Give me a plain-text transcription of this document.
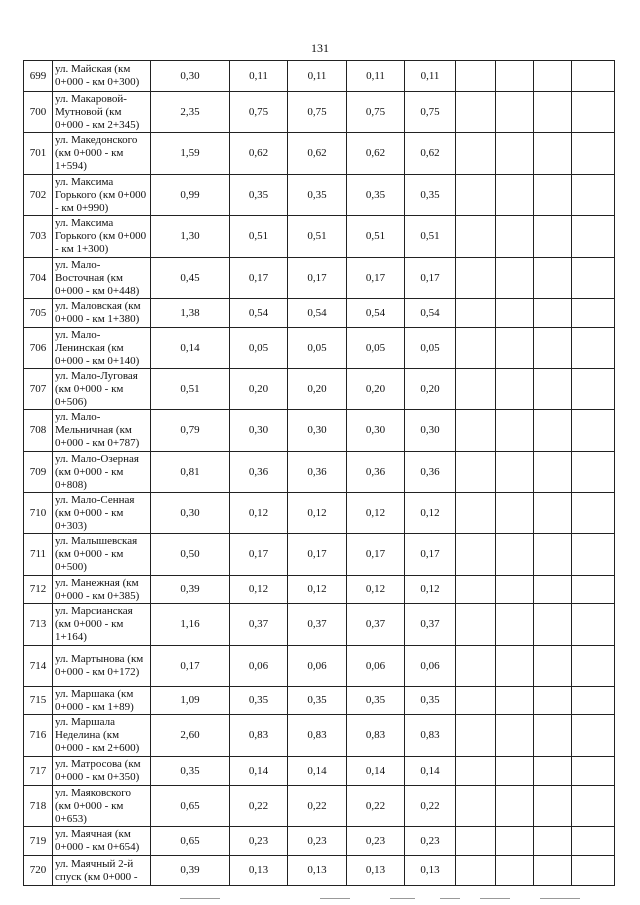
131
699	ул. Майская (км 0+000 - км 0+300)	0,30	0,11	0,11	0,11	0,11				
700	ул. Макаровой-Мутновой (км 0+000 - км 2+345)	2,35	0,75	0,75	0,75	0,75				
701	ул. Македонского (км 0+000 - км 1+594)	1,59	0,62	0,62	0,62	0,62				
702	ул. Максима Горького (км 0+000 - км 0+990)	0,99	0,35	0,35	0,35	0,35				
703	ул. Максима Горького (км 0+000 - км 1+300)	1,30	0,51	0,51	0,51	0,51				
704	ул. Мало-Восточная (км 0+000 - км 0+448)	0,45	0,17	0,17	0,17	0,17				
705	ул. Маловская (км 0+000 - км 1+380)	1,38	0,54	0,54	0,54	0,54				
706	ул. Мало-Ленинская (км 0+000 - км 0+140)	0,14	0,05	0,05	0,05	0,05				
707	ул. Мало-Луговая (км 0+000 - км 0+506)	0,51	0,20	0,20	0,20	0,20				
708	ул. Мало-Мельничная (км 0+000 - км 0+787)	0,79	0,30	0,30	0,30	0,30				
709	ул. Мало-Озерная (км 0+000 - км 0+808)	0,81	0,36	0,36	0,36	0,36				
710	ул. Мало-Сенная (км 0+000 - км 0+303)	0,30	0,12	0,12	0,12	0,12				
711	ул. Малышевская (км 0+000 - км 0+500)	0,50	0,17	0,17	0,17	0,17				
712	ул. Манежная (км 0+000 - км 0+385)	0,39	0,12	0,12	0,12	0,12				
713	ул. Марсианская (км 0+000 - км 1+164)	1,16	0,37	0,37	0,37	0,37				
714	ул. Мартынова (км 0+000 - км 0+172)	0,17	0,06	0,06	0,06	0,06				
715	ул. Маршака (км 0+000 - км 1+89)	1,09	0,35	0,35	0,35	0,35				
716	ул. Маршала Неделина (км 0+000 - км 2+600)	2,60	0,83	0,83	0,83	0,83				
717	ул. Матросова (км 0+000 - км 0+350)	0,35	0,14	0,14	0,14	0,14				
718	ул. Маяковского (км 0+000 - км 0+653)	0,65	0,22	0,22	0,22	0,22				
719	ул. Маячная (км 0+000 - км 0+654)	0,65	0,23	0,23	0,23	0,23				
720	ул. Маячный 2-й спуск (км 0+000 -	0,39	0,13	0,13	0,13	0,13				
